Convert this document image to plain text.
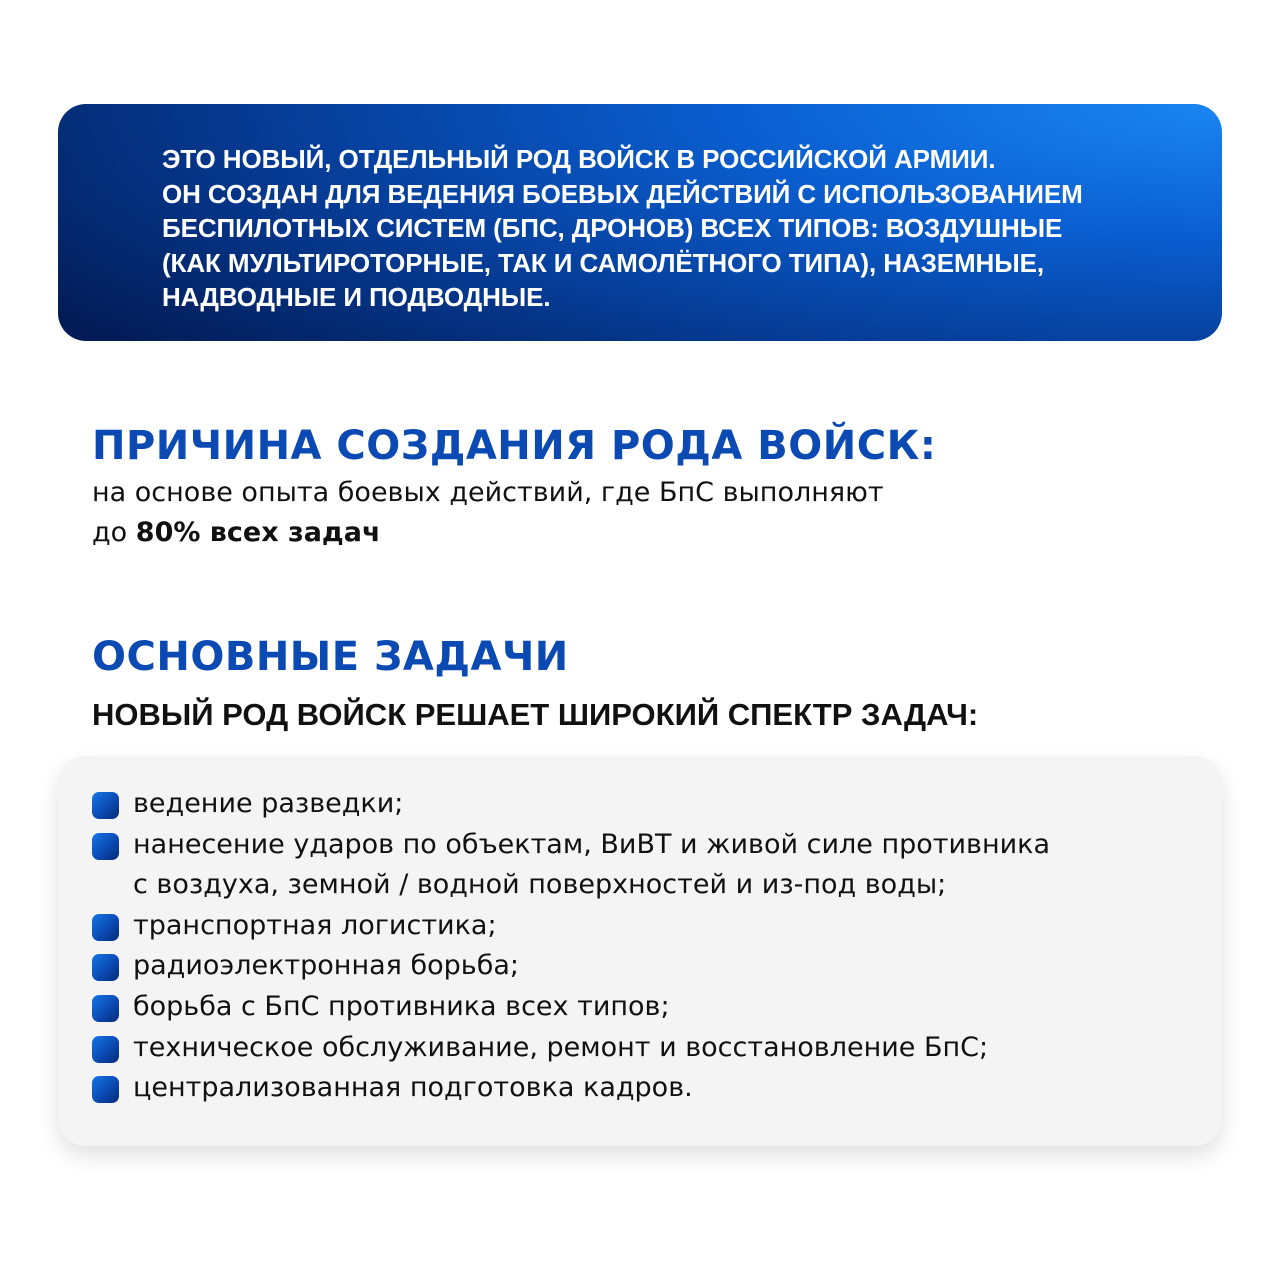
ЭТО НОВЫЙ, ОТДЕЛЬНЫЙ РОД ВОЙСК В РОССИЙСКОЙ АРМИИ.
ОН СОЗДАН ДЛЯ ВЕДЕНИЯ БОЕВЫХ ДЕЙСТВИЙ С ИСПОЛЬЗОВАНИЕМ
БЕСПИЛОТНЫХ СИСТЕМ (БПС, ДРОНОВ) ВСЕХ ТИПОВ: ВОЗДУШНЫЕ
(КАК МУЛЬТИРОТОРНЫЕ, ТАК И САМОЛЁТНОГО ТИПА), НАЗЕМНЫЕ,
НАДВОДНЫЕ И ПОДВОДНЫЕ.
ПРИЧИНА СОЗДАНИЯ РОДА ВОЙСК:
на основе опыта боевых действий, где БпС выполняют
до 80% всех задач
ОСНОВНЫЕ ЗАДАЧИ
НОВЫЙ РОД ВОЙСК РЕШАЕТ ШИРОКИЙ СПЕКТР ЗАДАЧ:
ведение разведки;
нанесение ударов по объектам, ВиВТ и живой силе противника
с воздуха, земной / водной поверхностей и из-под воды;
транспортная логистика;
радиоэлектронная борьба;
борьба с БпС противника всех типов;
техническое обслуживание, ремонт и восстановление БпС;
централизованная подготовка кадров.
